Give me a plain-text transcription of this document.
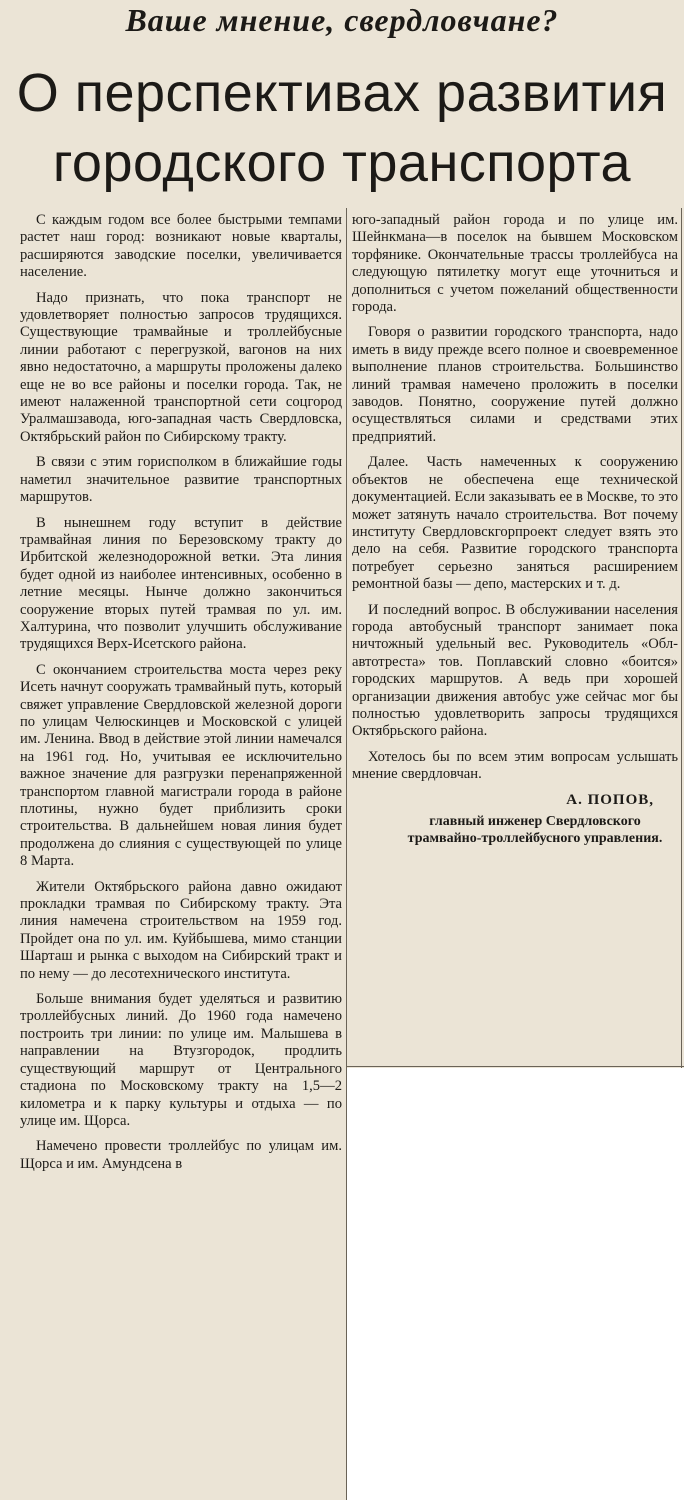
Ваше мнение, свердловчане?
О перспективах развития
городского транспорта

С каждым годом все более быстрыми темпами растет наш город: возникают новые кварталы, расширяются заводские поселки, увеличивается население.

Надо признать, что пока транспорт не удовлетворяет полностью запросов трудящихся. Существующие трамвайные и троллейбусные линии работают с перегрузкой, вагонов на них явно недостаточно, а маршруты проложены далеко еще не во все районы и поселки города. Так, не имеют налаженной транспортной сети соцгород Уралмашзавода, юго-западная часть Свердловска, Октябрьский район по Сибирскому тракту.

В связи с этим горисполком в ближайшие годы наметил значительное развитие транспортных маршрутов.

В нынешнем году вступит в действие трамвайная линия по Березовскому тракту до Ирбитской железнодорожной ветки. Эта линия будет одной из наиболее интенсивных, особенно в летние месяцы. Нынче должно закончиться сооружение вторых путей трамвая по ул. им. Халтурина, что позволит улучшить обслуживание трудящихся Верх-Исетского района.

С окончанием строительства моста через реку Исеть начнут сооружать трамвайный путь, который свяжет управление Свердловской железной дороги по улицам Челюскинцев и Московской с улицей им. Ленина. Ввод в действие этой линии намечался на 1961 год. Но, учитывая ее исключительно важное значение для разгрузки перенапряженной транспортом главной магистрали города в районе плотины, нужно будет приблизить сроки строительства. В дальнейшем новая линия будет продолжена до слияния с существующей по улице 8 Марта.

Жители Октябрьского района давно ожидают прокладки трамвая по Сибирскому тракту. Эта линия намечена строительством на 1959 год. Пройдет она по ул. им. Куйбышева, мимо станции Шарташ и рынка с выходом на Сибирский тракт и по нему — до лесотехнического института.

Больше внимания будет уделяться и развитию троллейбусных линий. До 1960 года намечено построить три линии: по улице им. Малышева в направлении на Втузгородок, продлить существующий маршрут от Центрального стадиона по Московскому тракту на 1,5—2 километра и к парку культуры и отдыха — по улице им. Щорса.

Намечено провести троллейбус по улицам им. Щорса и им. Амундсена в

юго-западный район города и по улице им. Шейнкмана—в поселок на бывшем Московском торфянике. Окончательные трассы троллейбуса на следующую пятилетку могут еще уточниться и дополниться с учетом пожеланий общественности города.

Говоря о развитии городского транспорта, надо иметь в виду прежде всего полное и своевременное выполнение планов строительства. Большинство линий трамвая намечено проложить в поселки заводов. Понятно, сооружение путей должно осуществляться силами и средствами этих предприятий.

Далее. Часть намеченных к сооружению объектов не обеспечена еще технической документацией. Если заказывать ее в Москве, то это может затянуть начало строительства. Вот почему институту Свердловскгорпроект следует взять это дело на себя. Развитие городского транспорта потребует серьезно заняться расширением ремонтной базы — депо, мастерских и т. д.

И последний вопрос. В обслуживании населения города автобусный транспорт занимает пока ничтожный удельный вес. Руководитель «Облавтотреста» тов. Поплавский словно «боится» городских маршрутов. А ведь при хорошей организации движения автобус уже сейчас мог бы полностью удовлетворить запросы трудящихся Октябрьского района.

Хотелось бы по всем этим вопросам услышать мнение свердловчан.

А. ПОПОВ,
главный инженер Свердловского трамвайно-троллейбусного управления.
